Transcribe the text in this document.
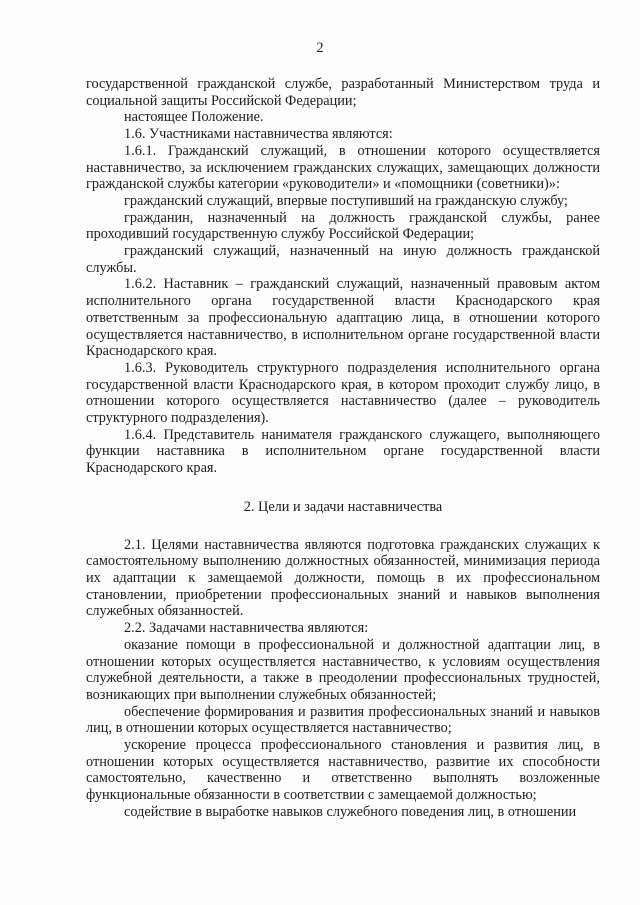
2

государственной гражданской службе, разработанный Министерством труда и социальной защиты Российской Федерации;

настоящее Положение.

1.6. Участниками наставничества являются:

1.6.1. Гражданский служащий, в отношении которого осуществляется наставничество, за исключением гражданских служащих, замещающих должности гражданской службы категории «руководители» и «помощники (советники)»:

гражданский служащий, впервые поступивший на гражданскую службу;

гражданин, назначенный на должность гражданской службы, ранее проходивший государственную службу Российской Федерации;

гражданский служащий, назначенный на иную должность гражданской службы.

1.6.2. Наставник – гражданский служащий, назначенный правовым актом исполнительного органа государственной власти Краснодарского края ответственным за профессиональную адаптацию лица, в отношении которого осуществляется наставничество, в исполнительном органе государственной власти Краснодарского края.

1.6.3. Руководитель структурного подразделения исполнительного органа государственной власти Краснодарского края, в котором проходит службу лицо, в отношении которого осуществляется наставничество (далее – руководитель структурного подразделения).

1.6.4. Представитель нанимателя гражданского служащего, выполняющего функции наставника в исполнительном органе государственной власти Краснодарского края.

2. Цели и задачи наставничества

2.1. Целями наставничества являются подготовка гражданских служащих к самостоятельному выполнению должностных обязанностей, минимизация периода их адаптации к замещаемой должности, помощь в их профессиональном становлении, приобретении профессиональных знаний и навыков выполнения служебных обязанностей.

2.2. Задачами наставничества являются:

оказание помощи в профессиональной и должностной адаптации лиц, в отношении которых осуществляется наставничество, к условиям осуществления служебной деятельности, а также в преодолении профессиональных трудностей, возникающих при выполнении служебных обязанностей;

обеспечение формирования и развития профессиональных знаний и навыков лиц, в отношении которых осуществляется наставничество;

ускорение процесса профессионального становления и развития лиц, в отношении которых осуществляется наставничество, развитие их способности самостоятельно, качественно и ответственно выполнять возложенные функциональные обязанности в соответствии с замещаемой должностью;

содействие в выработке навыков служебного поведения лиц, в отношении
